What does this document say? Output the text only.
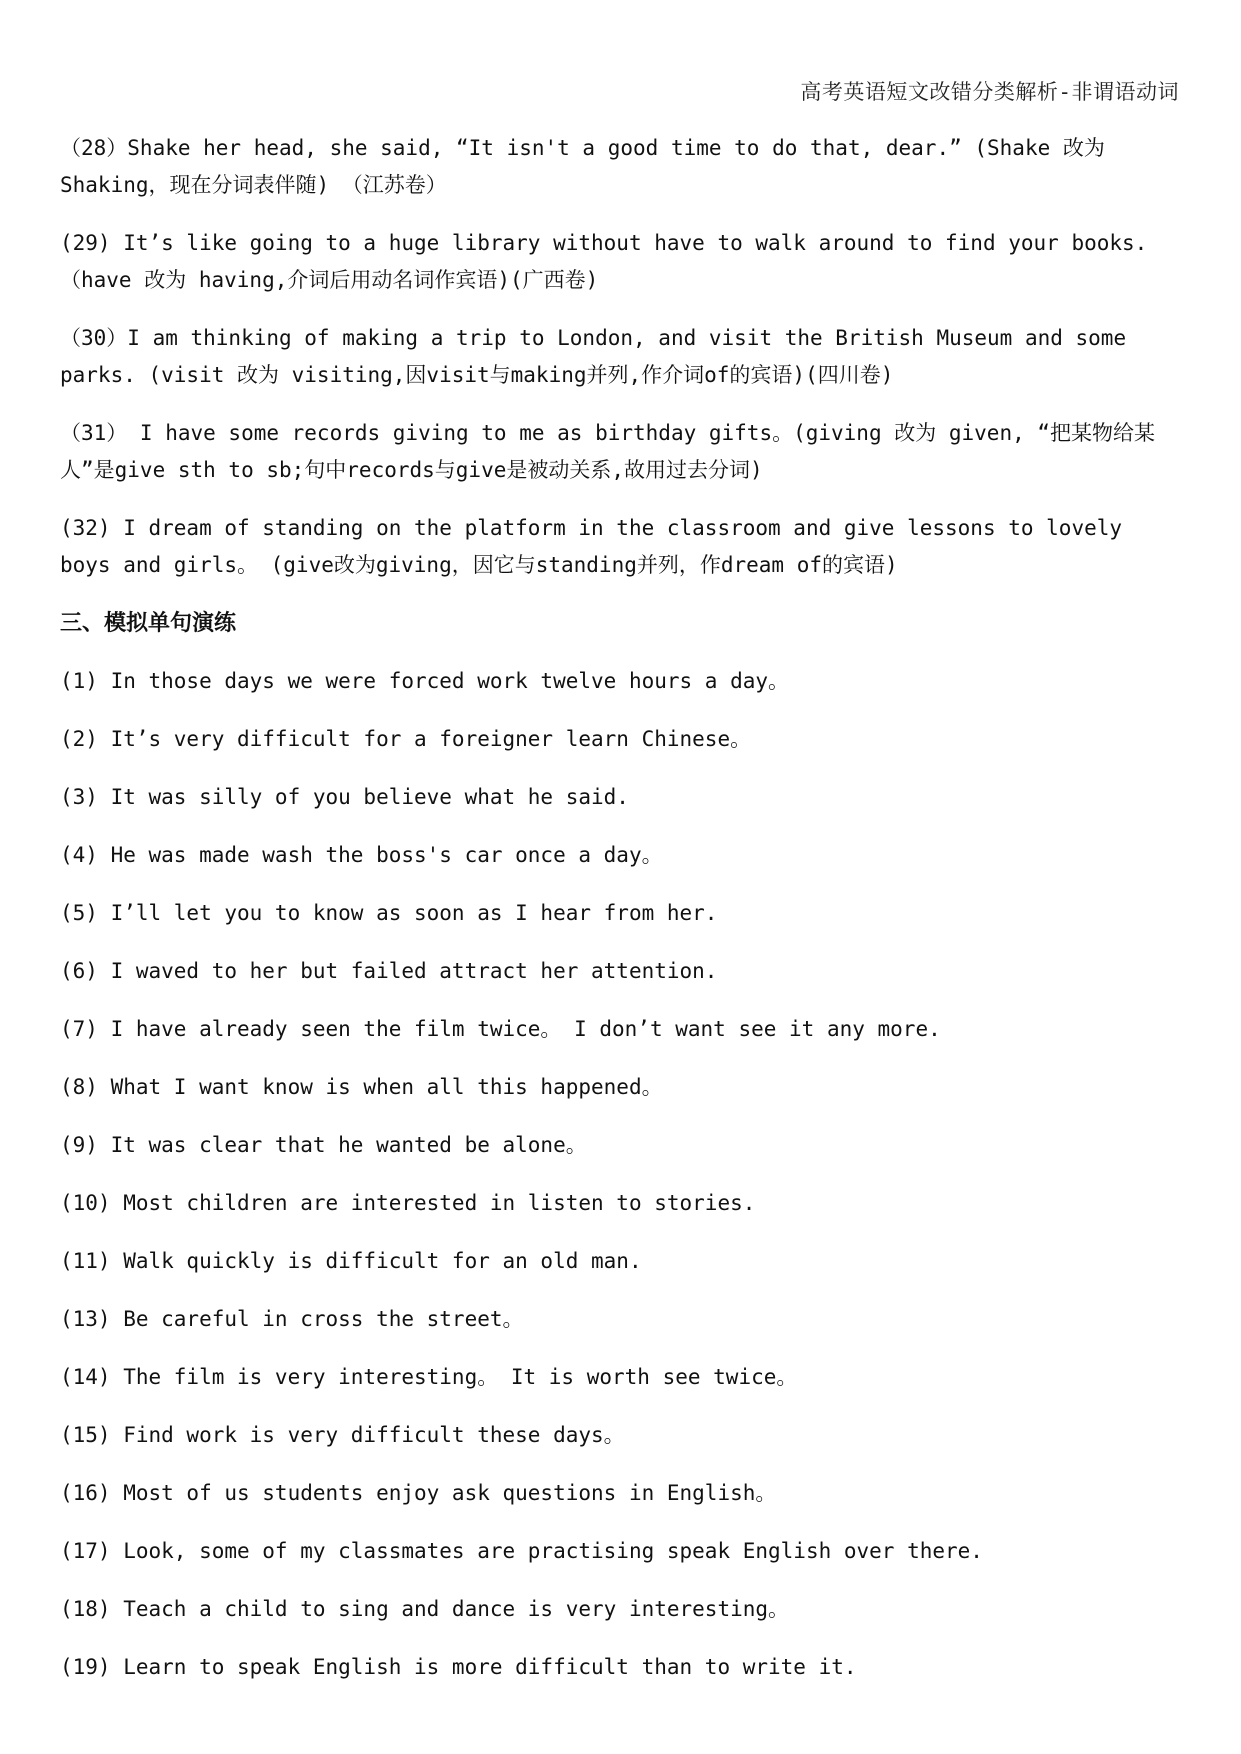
高考英语短文改错分类解析-非谓语动词

（28）Shake her head, she said, “It isn't a good time to do that, dear.” (Shake 改为 Shaking，现在分词表伴随) （江苏卷）

(29) It’s like going to a huge library without have to walk around to find your books.（have 改为 having,介词后用动名词作宾语)(广西卷)

（30）I am thinking of making a trip to London, and visit the British Museum and some parks. (visit 改为 visiting,因visit与making并列,作介词of的宾语)(四川卷)

（31） I have some records giving to me as birthday gifts。(giving 改为 given, “把某物给某人”是give sth to sb;句中records与give是被动关系,故用过去分词)

(32) I dream of standing on the platform in the classroom and give lessons to lovely boys and girls。 (give改为giving，因它与standing并列，作dream of的宾语)

三、模拟单句演练
(1) In those days we were forced work twelve hours a day。
(2) It’s very difficult for a foreigner learn Chinese。
(3) It was silly of you believe what he said.
(4) He was made wash the boss's car once a day。
(5) I’ll let you to know as soon as I hear from her.
(6) I waved to her but failed attract her attention.
(7) I have already seen the film twice。 I don’t want see it any more.
(8) What I want know is when all this happened。
(9) It was clear that he wanted be alone。
(10) Most children are interested in listen to stories.
(11) Walk quickly is difficult for an old man.
(13) Be careful in cross the street。
(14) The film is very interesting。 It is worth see twice。
(15) Find work is very difficult these days。
(16) Most of us students enjoy ask questions in English。
(17) Look, some of my classmates are practising speak English over there.
(18) Teach a child to sing and dance is very interesting。
(19) Learn to speak English is more difficult than to write it.
